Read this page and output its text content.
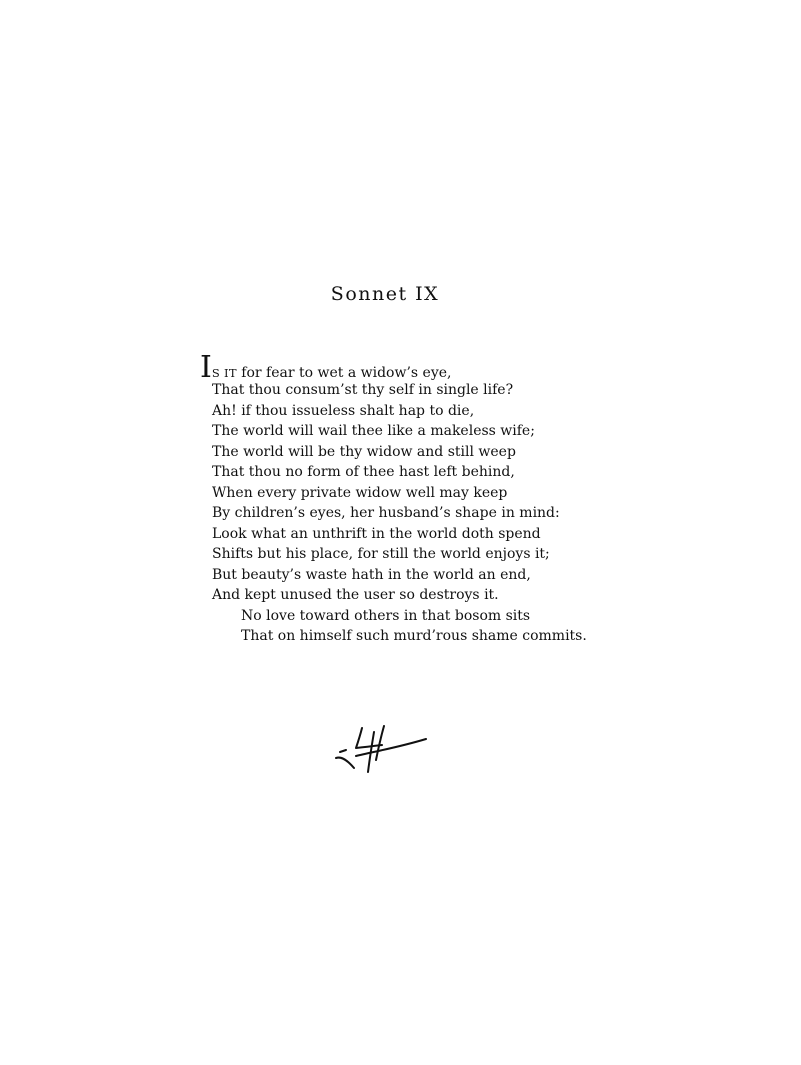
Sonnet IX
IS IT for fear to wet a widow’s eye,
That thou consum’st thy self in single life?
Ah! if thou issueless shalt hap to die,
The world will wail thee like a makeless wife;
The world will be thy widow and still weep
That thou no form of thee hast left behind,
When every private widow well may keep
By children’s eyes, her husband’s shape in mind:
Look what an unthrift in the world doth spend
Shifts but his place, for still the world enjoys it;
But beauty’s waste hath in the world an end,
And kept unused the user so destroys it.
No love toward others in that bosom sits
That on himself such murd’rous shame commits.
